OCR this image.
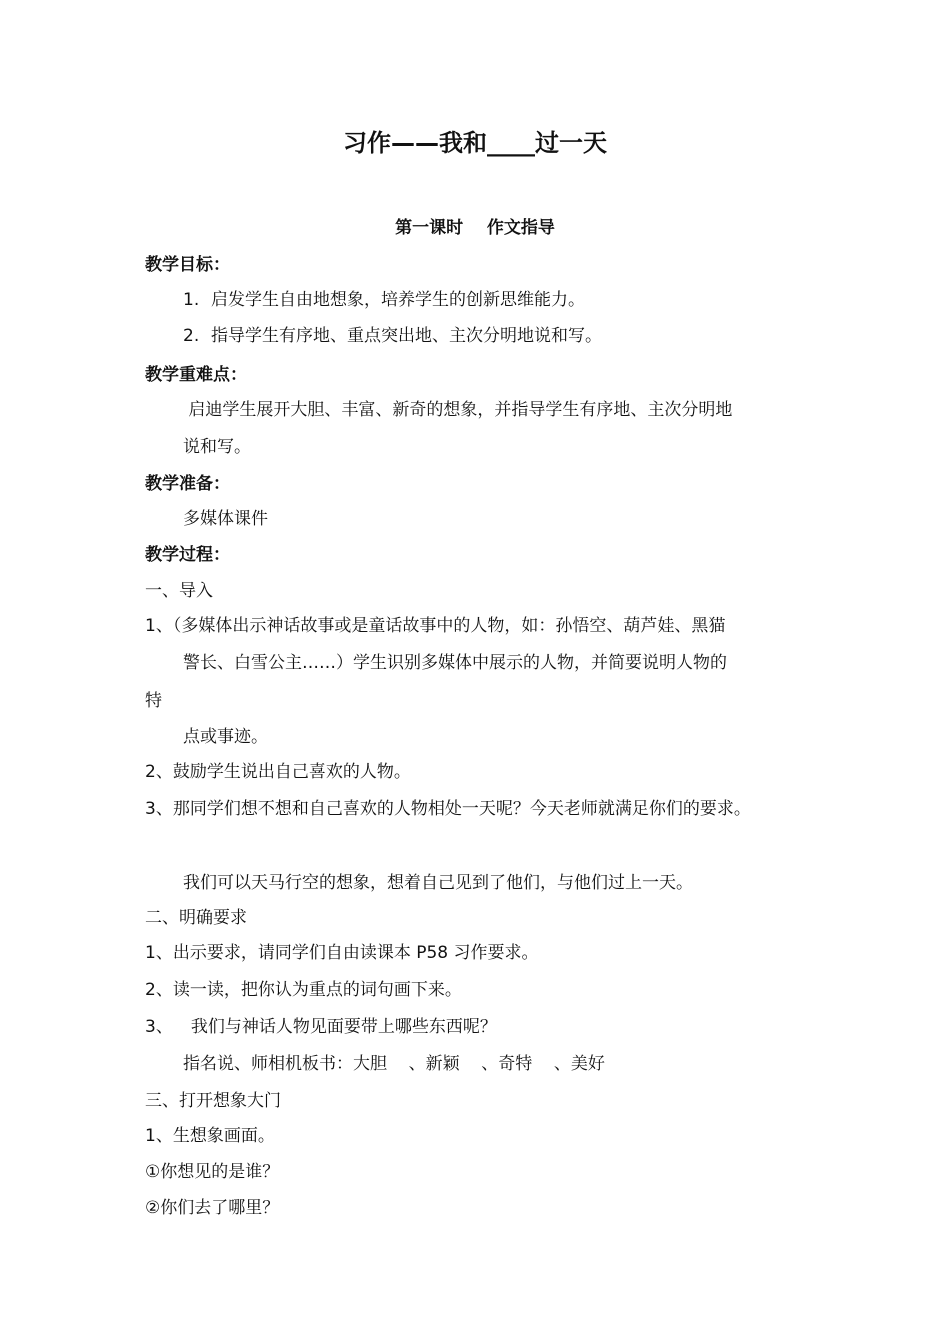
习作——我和____过一天
第一课时    作文指导
教学目标：
1. 启发学生自由地想象，培养学生的创新思维能力。
2. 指导学生有序地、重点突出地、主次分明地说和写。
教学重难点：
启迪学生展开大胆、丰富、新奇的想象，并指导学生有序地、主次分明地
说和写。
教学准备：
多媒体课件
教学过程：
一、导入
1、（多媒体出示神话故事或是童话故事中的人物，如：孙悟空、葫芦娃、黑猫
警长、白雪公主……）学生识别多媒体中展示的人物，并简要说明人物的
特
点或事迹。
2、鼓励学生说出自己喜欢的人物。
3、那同学们想不想和自己喜欢的人物相处一天呢？今天老师就满足你们的要求。
我们可以天马行空的想象，想着自己见到了他们，与他们过上一天。
二、明确要求
1、出示要求，请同学们自由读课本 P58 习作要求。
2、读一读，把你认为重点的词句画下来。
3、 我们与神话人物见面要带上哪些东西呢？
指名说、师相机板书：大胆    、新颖    、奇特    、美好
三、打开想象大门
1、生想象画面。
①你想见的是谁？
②你们去了哪里？
